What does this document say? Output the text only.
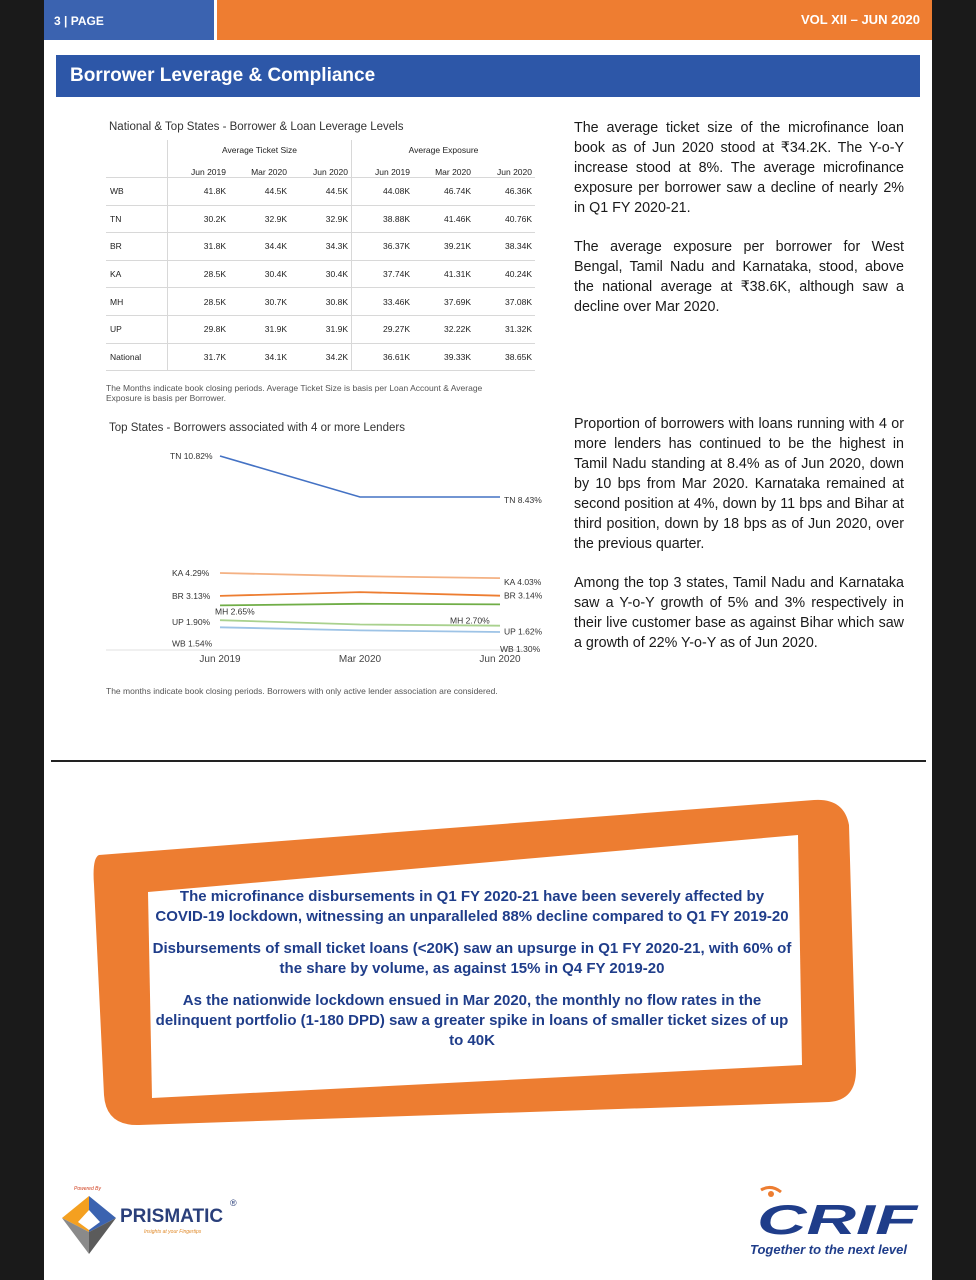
3 | PAGE	VOL XII – JUN 2020
Borrower Leverage & Compliance
National & Top States - Borrower & Loan Leverage Levels
	Average Ticket Size			Average Exposure		
	Jun 2019	Mar 2020	Jun 2020	Jun 2019	Mar 2020	Jun 2020
WB	41.8K	44.5K	44.5K	44.08K	46.74K	46.36K
TN	30.2K	32.9K	32.9K	38.88K	41.46K	40.76K
BR	31.8K	34.4K	34.3K	36.37K	39.21K	38.34K
KA	28.5K	30.4K	30.4K	37.74K	41.31K	40.24K
MH	28.5K	30.7K	30.8K	33.46K	37.69K	37.08K
UP	29.8K	31.9K	31.9K	29.27K	32.22K	31.32K
National	31.7K	34.1K	34.2K	36.61K	39.33K	38.65K
The Months indicate book closing periods. Average Ticket Size is basis per Loan Account & Average Exposure is basis per Borrower.
Top States - Borrowers associated with 4 or more Lenders
TN 10.82%
TN 8.43%
KA 4.29%
KA 4.03%
BR 3.13%	BR 3.14%
MH 2.65%
MH 2.70%
UP 1.90%
UP 1.62%
WB 1.54%
WB 1.30%
Jun 2019	Mar 2020	Jun 2020
The months indicate book closing periods. Borrowers with only active lender association are considered.
The average ticket size of the microfinance loan book as of Jun 2020 stood at ₹34.2K. The Y-o-Y increase stood at 8%. The average microfinance exposure per borrower saw a decline of nearly 2% in Q1 FY 2020-21.
The average exposure per borrower for West Bengal, Tamil Nadu and Karnataka, stood, above the national average at ₹38.6K, although saw a decline over Mar 2020.
Proportion of borrowers with loans running with 4 or more lenders has continued to be the highest in Tamil Nadu standing at 8.4% as of Jun 2020, down by 10 bps from Mar 2020. Karnataka remained at second position at 4%, down by 11 bps and Bihar at third position, down by 18 bps as of Jun 2020, over the previous quarter.
Among the top 3 states, Tamil Nadu and Karnataka saw a Y-o-Y growth of 5% and 3% respectively in their live customer base as against Bihar which saw a growth of 22% Y-o-Y as of Jun 2020.

The microfinance disbursements in Q1 FY 2020-21 have been severely affected by COVID-19 lockdown, witnessing an unparalleled 88% decline compared to Q1 FY 2019-20

Disbursements of small ticket loans (<20K) saw an upsurge in Q1 FY 2020-21, with 60% of the share by volume, as against 15% in Q4 FY 2019-20

As the nationwide lockdown ensued in Mar 2020, the monthly no flow rates in the delinquent portfolio (1-180 DPD) saw a greater spike in loans of smaller ticket sizes of up to 40K

Powered By
PRISMATIC
®
Insights at your Fingertips	CRIF
Together to the next level
